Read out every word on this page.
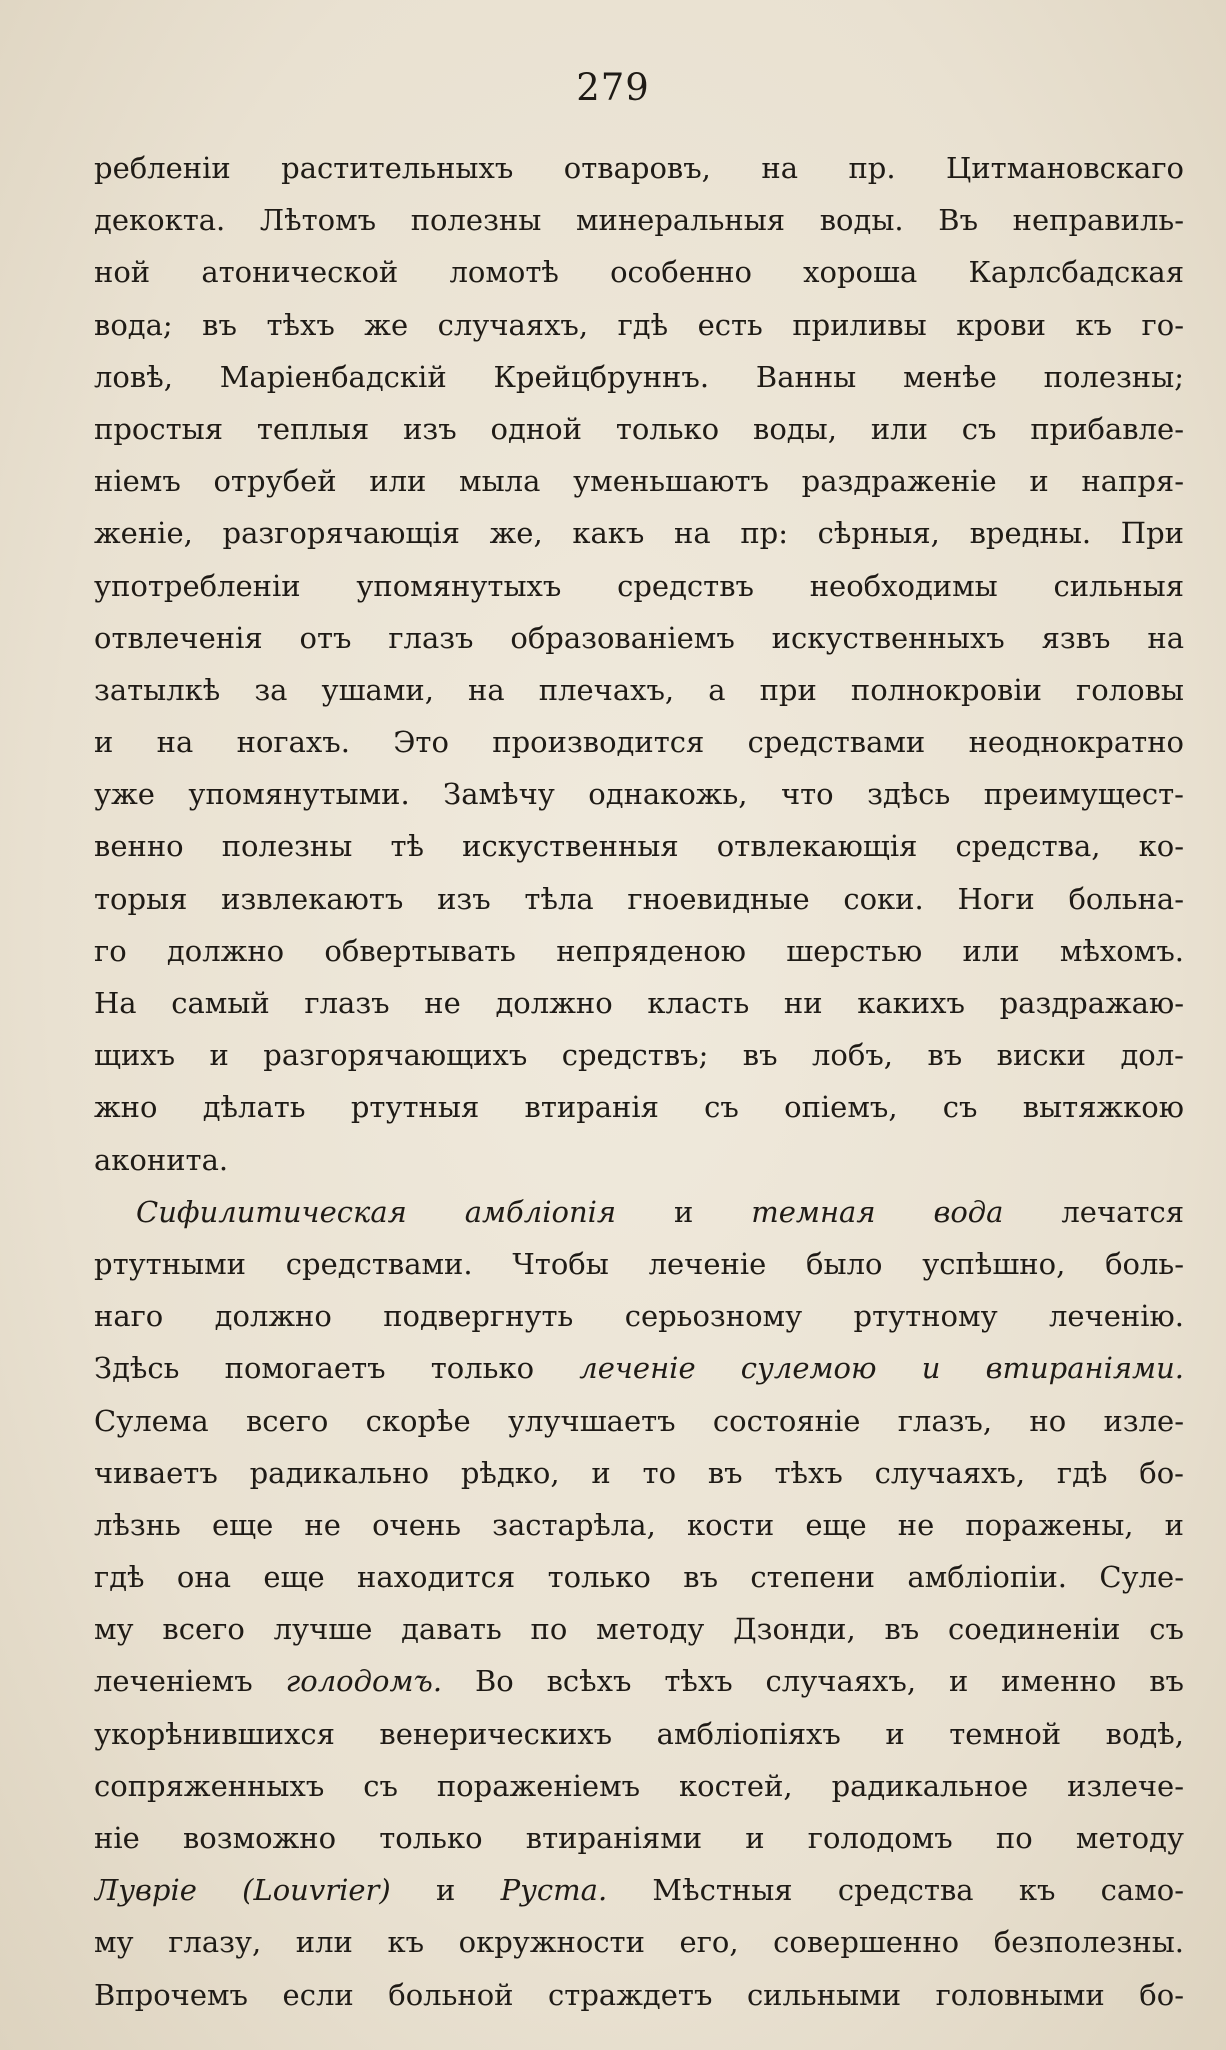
279
ребленіи растительныхъ отваровъ, на пр. Цитмановскаго
декокта. Лѣтомъ полезны минеральныя воды. Въ неправиль-
ной атонической ломотѣ особенно хороша Карлсбадская
вода; въ тѣхъ же случаяхъ, гдѣ есть приливы крови къ го-
ловѣ, Маріенбадскій Крейцбруннъ. Ванны менѣе полезны;
простыя теплыя изъ одной только воды, или съ прибавле-
ніемъ отрубей или мыла уменьшаютъ раздраженіе и напря-
женіе, разгорячающія же, какъ на пр: сѣрныя, вредны. При
употребленіи упомянутыхъ средствъ необходимы сильныя
отвлеченія отъ глазъ образованіемъ искуственныхъ язвъ на
затылкѣ за ушами, на плечахъ, а при полнокровіи головы
и на ногахъ. Это производится средствами неоднократно
уже упомянутыми. Замѣчу однакожь, что здѣсь преимущест-
венно полезны тѣ искуственныя отвлекающія средства, ко-
торыя извлекаютъ изъ тѣла гноевидные соки. Ноги больна-
го должно обвертывать непряденою шерстью или мѣхомъ.
На самый глазъ не должно класть ни какихъ раздражаю-
щихъ и разгорячающихъ средствъ; въ лобъ, въ виски дол-
жно дѣлать ртутныя втиранія съ опіемъ, съ вытяжкою
аконита.
Сифилитическая амбліопія и темная вода лечатся
ртутными средствами. Чтобы леченіе было успѣшно, боль-
наго должно подвергнуть серьозному ртутному леченію.
Здѣсь помогаетъ только леченіе сулемою и втираніями.
Сулема всего скорѣе улучшаетъ состояніе глазъ, но изле-
чиваетъ радикально рѣдко, и то въ тѣхъ случаяхъ, гдѣ бо-
лѣзнь еще не очень застарѣла, кости еще не поражены, и
гдѣ она еще находится только въ степени амбліопіи. Суле-
му всего лучше давать по методу Дзонди, въ соединеніи съ
леченіемъ голодомъ. Во всѣхъ тѣхъ случаяхъ, и именно въ
укорѣнившихся венерическихъ амбліопіяхъ и темной водѣ,
сопряженныхъ съ пораженіемъ костей, радикальное излече-
ніе возможно только втираніями и голодомъ по методу
Лувріе (Louvrier) и Руста. Мѣстныя средства къ само-
му глазу, или къ окружности его, совершенно безполезны.
Впрочемъ если больной страждетъ сильными головными бо-
